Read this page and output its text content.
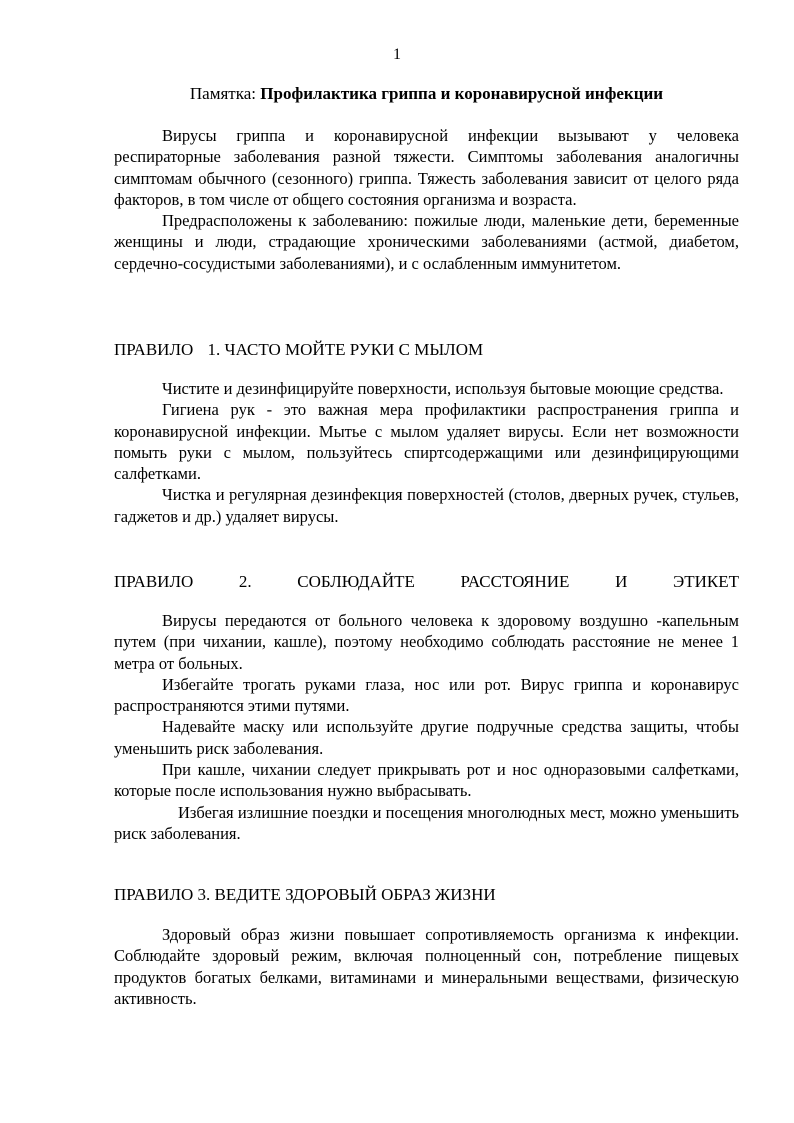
1
Памятка: Профилактика гриппа и коронавирусной инфекции

Вирусы гриппа и коронавирусной инфекции вызывают у человека респираторные заболевания разной тяжести. Симптомы заболевания аналогичны симптомам обычного (сезонного) гриппа. Тяжесть заболевания зависит от целого ряда факторов, в том числе от общего состояния организма и возраста.

Предрасположены к заболеванию: пожилые люди, маленькие дети, беременные женщины и люди, страдающие хроническими заболеваниями (астмой, диабетом, сердечно-сосудистыми заболеваниями), и с ослабленным иммунитетом.

ПРАВИЛО 1. ЧАСТО МОЙТЕ РУКИ С МЫЛОМ

Чистите и дезинфицируйте поверхности, используя бытовые моющие средства.

Гигиена рук - это важная мера профилактики распространения гриппа и коронавирусной инфекции. Мытье с мылом удаляет вирусы. Если нет возможности помыть руки с мылом, пользуйтесь спиртсодержащими или дезинфицирующими салфетками.

Чистка и регулярная дезинфекция поверхностей (столов, дверных ручек, стульев, гаджетов и др.) удаляет вирусы.

ПРАВИЛО 2. СОБЛЮДАЙТЕ РАССТОЯНИЕ И ЭТИКЕТ

Вирусы передаются от больного человека к здоровому воздушно -капельным путем (при чихании, кашле), поэтому необходимо соблюдать расстояние не менее 1 метра от больных.

Избегайте трогать руками глаза, нос или рот. Вирус гриппа и коронавирус распространяются этими путями.

Надевайте маску или используйте другие подручные средства защиты, чтобы уменьшить риск заболевания.

При кашле, чихании следует прикрывать рот и нос одноразовыми салфетками, которые после использования нужно выбрасывать.

Избегая излишние поездки и посещения многолюдных мест, можно уменьшить риск заболевания.

ПРАВИЛО 3. ВЕДИТЕ ЗДОРОВЫЙ ОБРАЗ ЖИЗНИ

Здоровый образ жизни повышает сопротивляемость организма к инфекции. Соблюдайте здоровый режим, включая полноценный сон, потребление пищевых продуктов богатых белками, витаминами и минеральными веществами, физическую активность.
